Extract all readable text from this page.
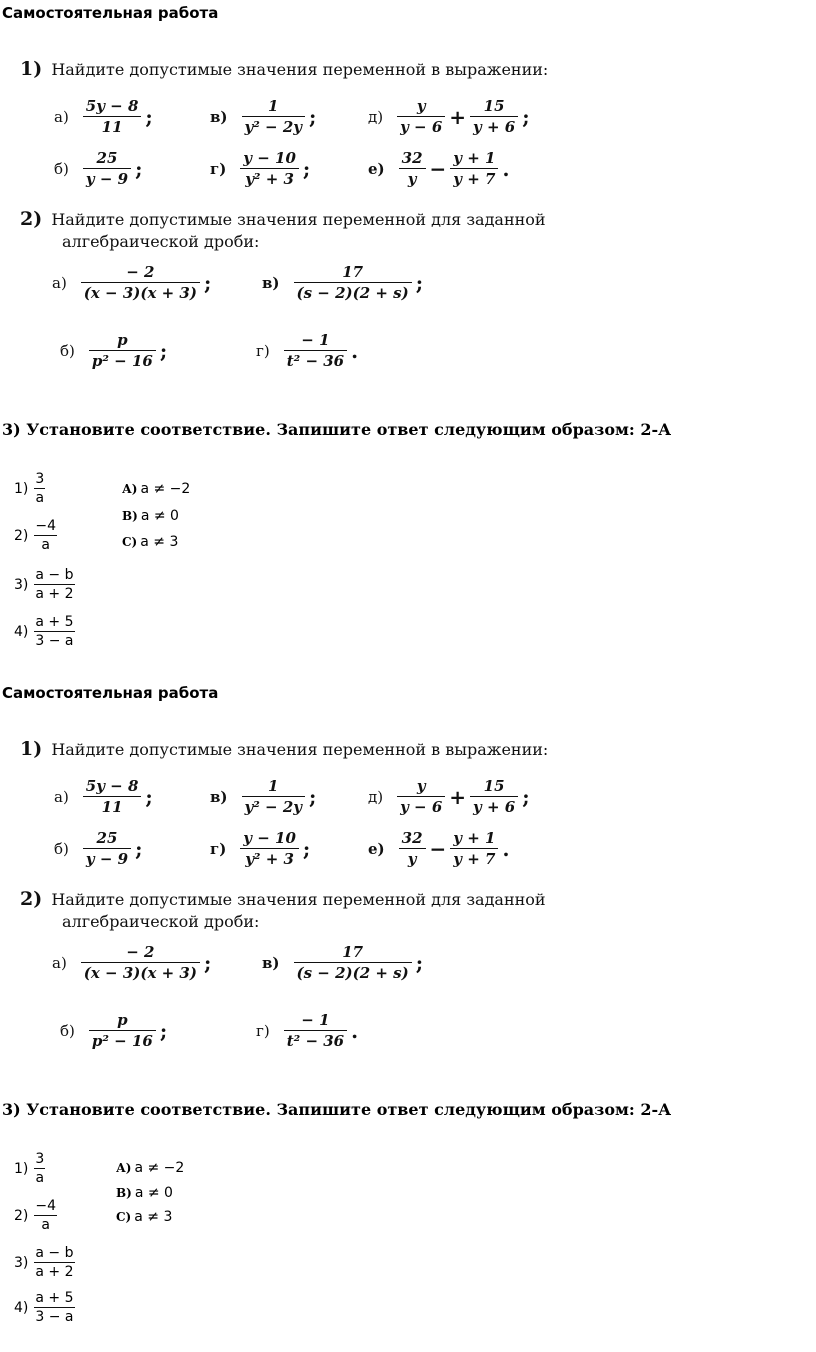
Самостоятельная работа
1) Найдите допустимые значения переменной в выражении:
$а) \frac{5y - 8}{11}$ ;	$в) \frac{1}{\text{y² − 2y}}$ ;	$д) \frac{y}{y - 6} + \frac{15}{y + 6}$ ;
$б) \frac{25}{y - 9}$ ;	$г) \frac{y - 10}{\text{y² + 3}}$ ;	$е) \frac{32}{y} - \frac{y + 1}{y + 7}$ .
2) Найдите допустимые значения переменной для заданной
алгебраической дроби:
$а) \frac{- 2}{(x - 3)(x + 3)}$ ;	$в) \frac{17}{(s - 2)(2 + s)}$ ;
$б) \frac{p}{\text{p² − 16}}$ ;	$г) \frac{- 1}{\text{t² − 36}}$ .
3) Установите соответствие. Запишите ответ следующим образом: 2-А
$1) \frac{3}{a}$
$2) \frac{-4}{a}$
$3) \frac{a - b}{a + 2}$
$4) \frac{a + 5}{3 - a}$
А) a ≠ −2
В) a ≠ 0
С) a ≠ 3
Самостоятельная работа
1) Найдите допустимые значения переменной в выражении:
$а) \frac{5y - 8}{11}$ ;	$в) \frac{1}{\text{y² − 2y}}$ ;	$д) \frac{y}{y - 6} + \frac{15}{y + 6}$ ;
$б) \frac{25}{y - 9}$ ;	$г) \frac{y - 10}{\text{y² + 3}}$ ;	$е) \frac{32}{y} - \frac{y + 1}{y + 7}$ .
2) Найдите допустимые значения переменной для заданной
алгебраической дроби:
$а) \frac{- 2}{(x - 3)(x + 3)}$ ;	$в) \frac{17}{(s - 2)(2 + s)}$ ;
$б) \frac{p}{\text{p² − 16}}$ ;	$г) \frac{- 1}{\text{t² − 36}}$ .
3) Установите соответствие. Запишите ответ следующим образом: 2-А
$1) \frac{3}{a}$
$2) \frac{-4}{a}$
$3) \frac{a - b}{a + 2}$
$4) \frac{a + 5}{3 - a}$
А) a ≠ −2
В) a ≠ 0
С) a ≠ 3
